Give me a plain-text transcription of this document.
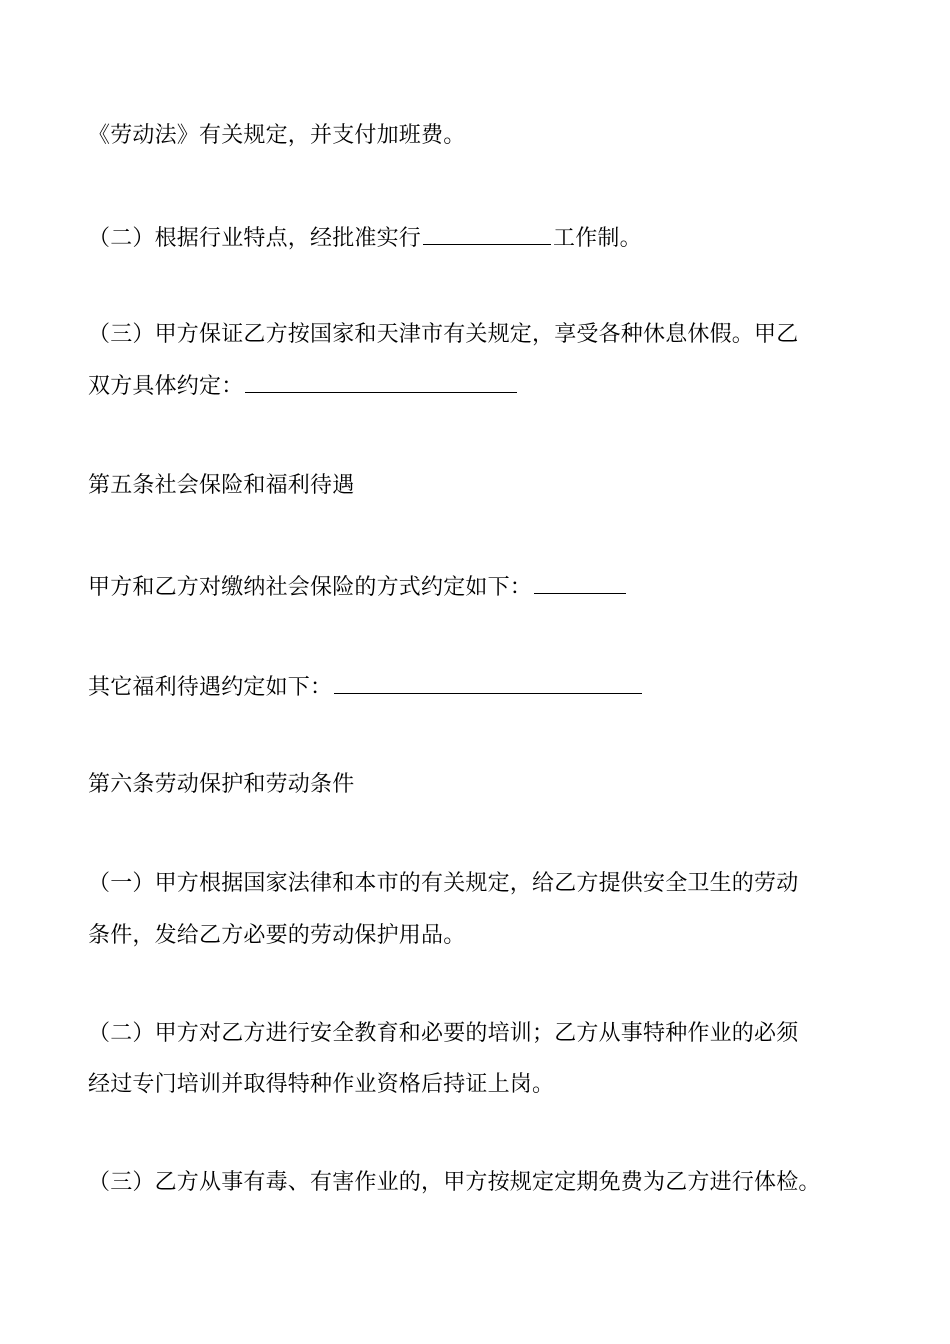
《劳动法》有关规定，并支付加班费。
（二）根据行业特点，经批准实行	工作制。
（三）甲方保证乙方按国家和天津市有关规定，享受各种休息休假。甲乙
双方具体约定：
第五条社会保险和福利待遇
甲方和乙方对缴纳社会保险的方式约定如下：
其它福利待遇约定如下：
第六条劳动保护和劳动条件
（一）甲方根据国家法律和本市的有关规定，给乙方提供安全卫生的劳动
条件，发给乙方必要的劳动保护用品。
（二）甲方对乙方进行安全教育和必要的培训；乙方从事特种作业的必须
经过专门培训并取得特种作业资格后持证上岗。
（三）乙方从事有毒、有害作业的，甲方按规定定期免费为乙方进行体检。
